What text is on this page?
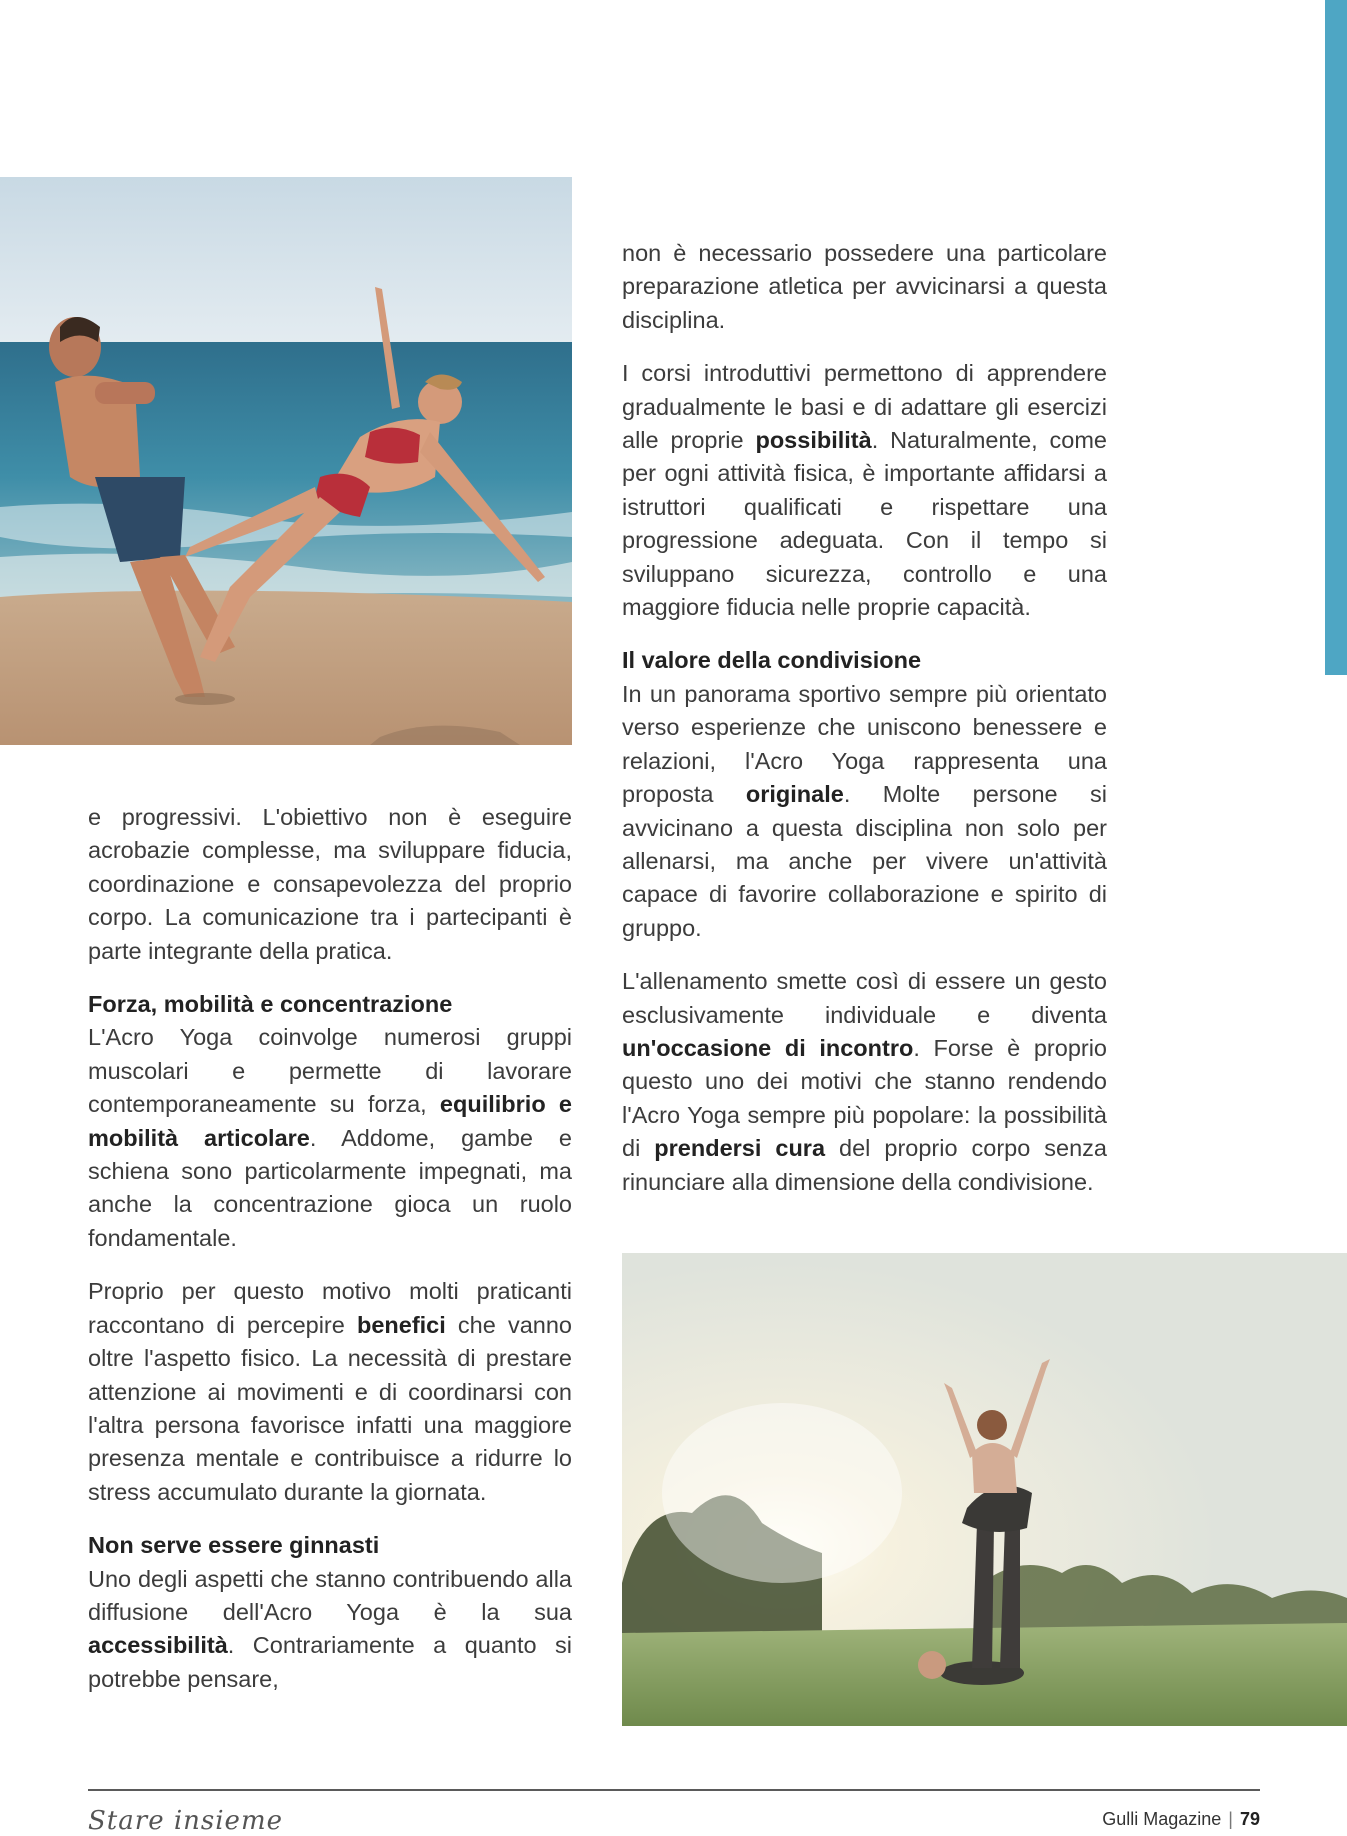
e progressivi. L'obiettivo non è eseguire acrobazie complesse, ma sviluppare fiducia, coordinazione e consapevolezza del proprio corpo. La comunicazione tra i partecipanti è parte integrante della pratica.

Forza, mobilità e concentrazione

L'Acro Yoga coinvolge numerosi gruppi muscolari e permette di lavorare contemporaneamente su forza, equilibrio e mobilità articolare. Addome, gambe e schiena sono particolarmente impegnati, ma anche la concentrazione gioca un ruolo fondamentale.

Proprio per questo motivo molti praticanti raccontano di percepire benefici che vanno oltre l'aspetto fisico. La necessità di prestare attenzione ai movimenti e di coordinarsi con l'altra persona favorisce infatti una maggiore presenza mentale e contribuisce a ridurre lo stress accumulato durante la giornata.

Non serve essere ginnasti

Uno degli aspetti che stanno contribuendo alla diffusione dell'Acro Yoga è la sua accessibilità. Contrariamente a quanto si potrebbe pensare,

non è necessario possedere una particolare preparazione atletica per avvicinarsi a questa disciplina.

I corsi introduttivi permettono di apprendere gradualmente le basi e di adattare gli esercizi alle proprie possibilità. Naturalmente, come per ogni attività fisica, è importante affidarsi a istruttori qualificati e rispettare una progressione adeguata. Con il tempo si sviluppano sicurezza, controllo e una maggiore fiducia nelle proprie capacità.

Il valore della condivisione

In un panorama sportivo sempre più orientato verso esperienze che uniscono benessere e relazioni, l'Acro Yoga rappresenta una proposta originale. Molte persone si avvicinano a questa disciplina non solo per allenarsi, ma anche per vivere un'attività capace di favorire collaborazione e spirito di gruppo.

L'allenamento smette così di essere un gesto esclusivamente individuale e diventa un'occasione di incontro. Forse è proprio questo uno dei motivi che stanno rendendo l'Acro Yoga sempre più popolare: la possibilità di prendersi cura del proprio corpo senza rinunciare alla dimensione della condivisione.

Stare insieme	Gulli Magazine | 79
